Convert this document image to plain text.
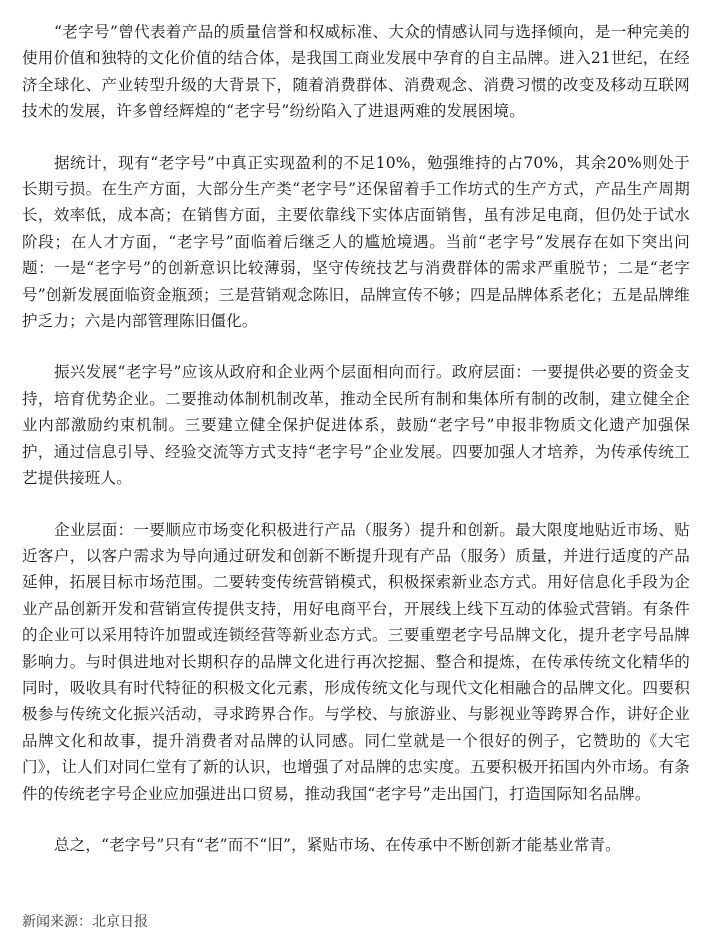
“老字号”曾代表着产品的质量信誉和权威标准、大众的情感认同与选择倾向，是一种完美的使用价值和独特的文化价值的结合体，是我国工商业发展中孕育的自主品牌。进入21世纪，在经济全球化、产业转型升级的大背景下，随着消费群体、消费观念、消费习惯的改变及移动互联网技术的发展，许多曾经辉煌的“老字号”纷纷陷入了进退两难的发展困境。

据统计，现有“老字号”中真正实现盈利的不足10%，勉强维持的占70%，其余20%则处于长期亏损。在生产方面，大部分生产类“老字号”还保留着手工作坊式的生产方式，产品生产周期长，效率低，成本高；在销售方面，主要依靠线下实体店面销售，虽有涉足电商，但仍处于试水阶段；在人才方面，“老字号”面临着后继乏人的尴尬境遇。当前“老字号”发展存在如下突出问题：一是“老字号”的创新意识比较薄弱，坚守传统技艺与消费群体的需求严重脱节；二是“老字号”创新发展面临资金瓶颈；三是营销观念陈旧，品牌宣传不够；四是品牌体系老化；五是品牌维护乏力；六是内部管理陈旧僵化。

振兴发展“老字号”应该从政府和企业两个层面相向而行。政府层面：一要提供必要的资金支持，培育优势企业。二要推动体制机制改革，推动全民所有制和集体所有制的改制，建立健全企业内部激励约束机制。三要建立健全保护促进体系，鼓励“老字号”申报非物质文化遗产加强保护，通过信息引导、经验交流等方式支持“老字号”企业发展。四要加强人才培养，为传承传统工艺提供接班人。

企业层面：一要顺应市场变化积极进行产品（服务）提升和创新。最大限度地贴近市场、贴近客户，以客户需求为导向通过研发和创新不断提升现有产品（服务）质量，并进行适度的产品延伸，拓展目标市场范围。二要转变传统营销模式，积极探索新业态方式。用好信息化手段为企业产品创新开发和营销宣传提供支持，用好电商平台，开展线上线下互动的体验式营销。有条件的企业可以采用特许加盟或连锁经营等新业态方式。三要重塑老字号品牌文化，提升老字号品牌影响力。与时俱进地对长期积存的品牌文化进行再次挖掘、整合和提炼，在传承传统文化精华的同时，吸收具有时代特征的积极文化元素，形成传统文化与现代文化相融合的品牌文化。四要积极参与传统文化振兴活动，寻求跨界合作。与学校、与旅游业、与影视业等跨界合作，讲好企业品牌文化和故事，提升消费者对品牌的认同感。同仁堂就是一个很好的例子，它赞助的《大宅门》，让人们对同仁堂有了新的认识，也增强了对品牌的忠实度。五要积极开拓国内外市场。有条件的传统老字号企业应加强进出口贸易，推动我国“老字号”走出国门，打造国际知名品牌。

总之，“老字号”只有“老”而不“旧”，紧贴市场、在传承中不断创新才能基业常青。

新闻来源：北京日报
